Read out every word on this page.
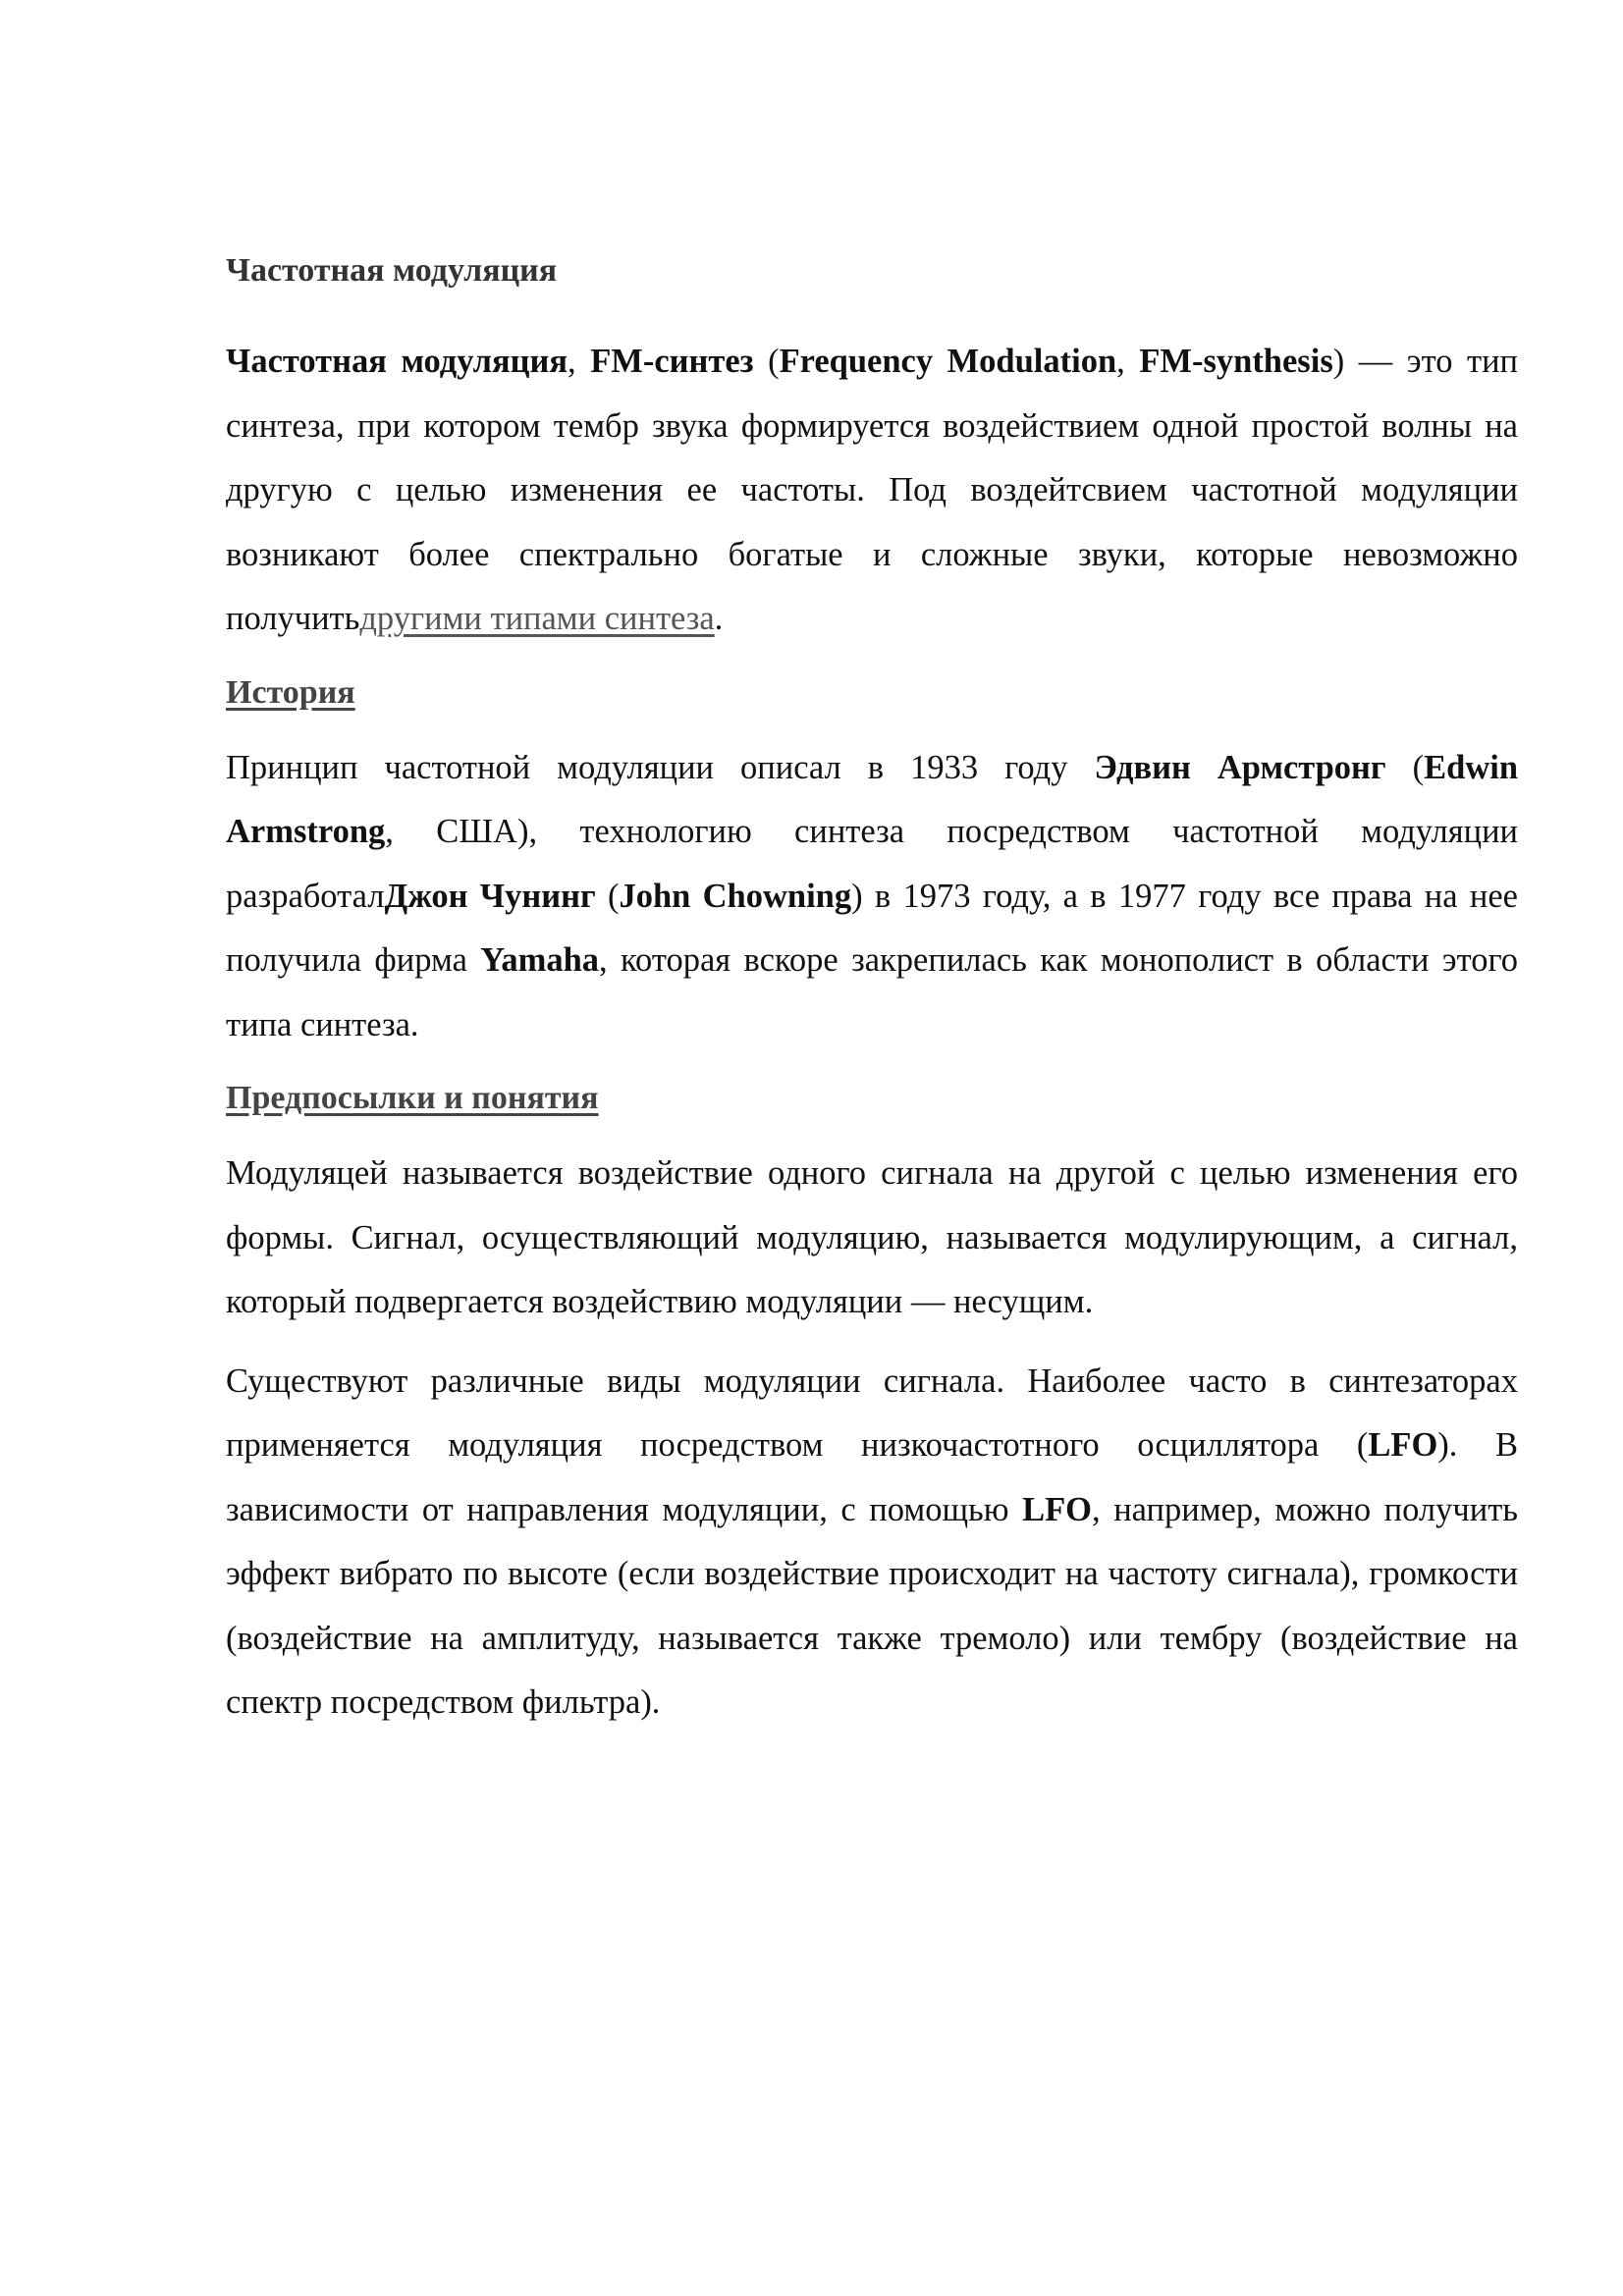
Частотная модуляция

Частотная модуляция, FM-синтез (Frequency Modulation, FM-synthesis) — это тип синтеза, при котором тембр звука формируется воздействием одной простой волны на другую с целью изменения ее частоты. Под воздейтсвием частотной модуляции возникают более спектрально богатые и сложные звуки, которые невозможно получитьдругими типами синтеза.

История

Принцип частотной модуляции описал в 1933 году Эдвин Армстронг (Edwin Armstrong, США), технологию синтеза посредством частотной модуляции разработалДжон Чунинг (John Chowning) в 1973 году, а в 1977 году все права на нее получила фирма Yamaha, которая вскоре закрепилась как монополист в области этого типа синтеза.

Предпосылки и понятия

Модуляцей называется воздействие одного сигнала на другой с целью изменения его формы. Сигнал, осуществляющий модуляцию, называется модулирующим, а сигнал, который подвергается воздействию модуляции — несущим.

Существуют различные виды модуляции сигнала. Наиболее часто в синтезаторах применяется модуляция посредством низкочастотного осциллятора (LFO). В зависимости от направления модуляции, с помощью LFO, например, можно получить эффект вибрато по высоте (если воздействие происходит на частоту сигнала), громкости (воздействие на амплитуду, называется также тремоло) или тембру (воздействие на спектр посредством фильтра).
